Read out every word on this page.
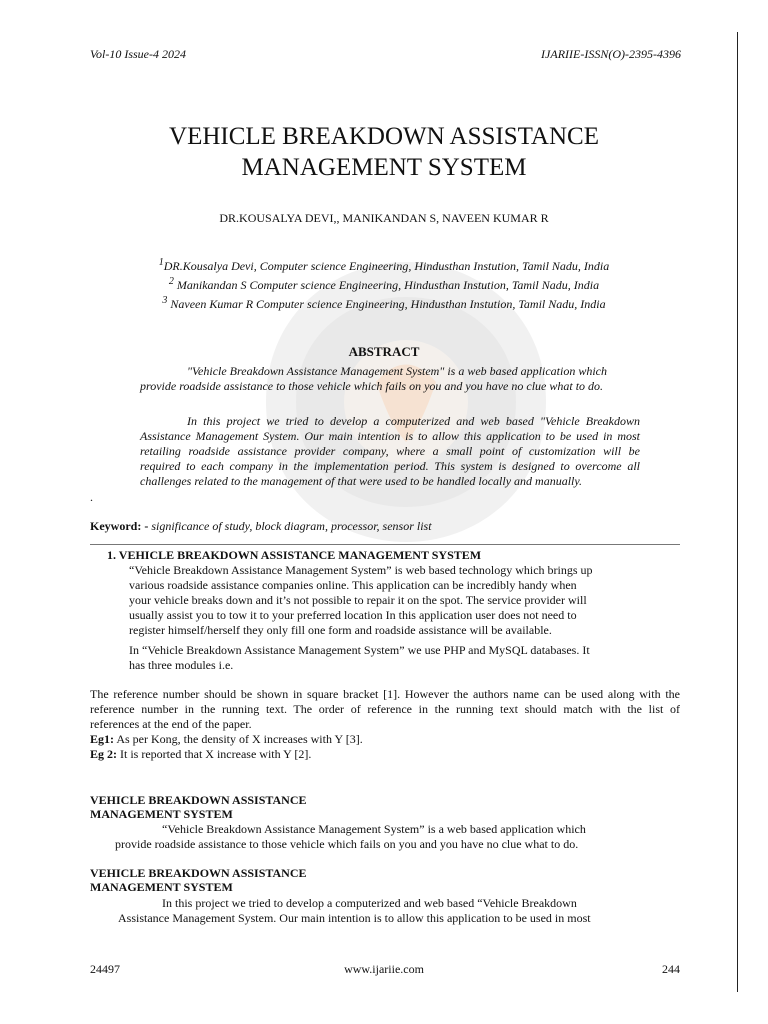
Vol-10 Issue-4 2024	IJARIIE-ISSN(O)-2395-4396
VEHICLE BREAKDOWN ASSISTANCE
MANAGEMENT SYSTEM
DR.KOUSALYA DEVI,, MANIKANDAN S, NAVEEN KUMAR R
$^1$DR.Kousalya Devi, Computer science Engineering, Hindusthan Instution, Tamil Nadu, India
$^2$ Manikandan S Computer science Engineering, Hindusthan Instution, Tamil Nadu, India
$^3$ Naveen Kumar R Computer science Engineering, Hindusthan Instution, Tamil Nadu, India
ABSTRACT
"Vehicle Breakdown Assistance Management System" is a web based application which
provide roadside assistance to those vehicle which fails on you and you have no clue what to do.
In this project we tried to develop a computerized and web based "Vehicle Breakdown
Assistance Management System. Our main intention is to allow this application to be used in most
retailing roadside assistance provider company, where a small point of customization will be
required to each company in the implementation period. This system is designed to overcome all
challenges related to the management of that were used to be handled locally and manually.
.
Keyword: - significance of study, block diagram, processor, sensor list
1. VEHICLE BREAKDOWN ASSISTANCE MANAGEMENT SYSTEM
“Vehicle Breakdown Assistance Management System” is web based technology which brings up
various roadside assistance companies online. This application can be incredibly handy when
your vehicle breaks down and it’s not possible to repair it on the spot. The service provider will
usually assist you to tow it to your preferred location In this application user does not need to
register himself/herself they only fill one form and roadside assistance will be available.
In “Vehicle Breakdown Assistance Management System” we use PHP and MySQL databases. It
has three modules i.e.
The reference number should be shown in square bracket [1]. However the authors name can be used along with the
reference number in the running text. The order of reference in the running text should match with the list of
references at the end of the paper.
Eg1: As per Kong, the density of X increases with Y [3].
Eg 2: It is reported that X increase with Y [2].
VEHICLE BREAKDOWN ASSISTANCE
MANAGEMENT SYSTEM
“Vehicle Breakdown Assistance Management System” is a web based application which
provide roadside assistance to those vehicle which fails on you and you have no clue what to do.
VEHICLE BREAKDOWN ASSISTANCE
MANAGEMENT SYSTEM
In this project we tried to develop a computerized and web based “Vehicle Breakdown
Assistance Management System. Our main intention is to allow this application to be used in most
24497	www.ijariie.com	244
